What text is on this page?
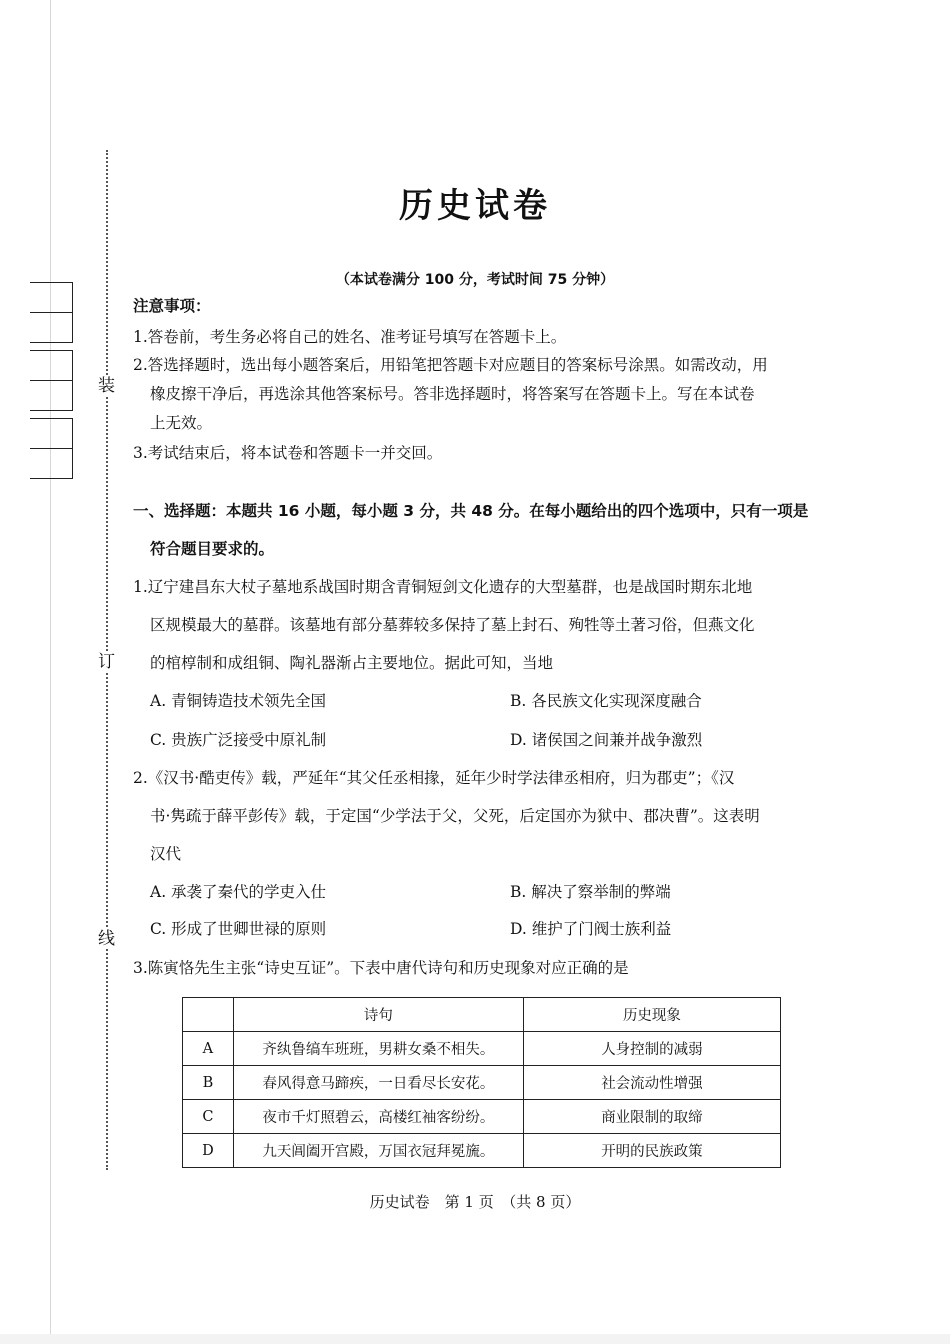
装
订
线
历史试卷
（本试卷满分 100 分，考试时间 75 分钟）
注意事项：
1.答卷前，考生务必将自己的姓名、准考证号填写在答题卡上。
2.答选择题时，选出每小题答案后，用铅笔把答题卡对应题目的答案标号涂黑。如需改动，用
橡皮擦干净后，再选涂其他答案标号。答非选择题时，将答案写在答题卡上。写在本试卷
上无效。
3.考试结束后，将本试卷和答题卡一并交回。
一、选择题：本题共 16 小题，每小题 3 分，共 48 分。在每小题给出的四个选项中，只有一项是
符合题目要求的。
1.辽宁建昌东大杖子墓地系战国时期含青铜短剑文化遗存的大型墓群，也是战国时期东北地
区规模最大的墓群。该墓地有部分墓葬较多保持了墓上封石、殉牲等土著习俗，但燕文化
的棺椁制和成组铜、陶礼器渐占主要地位。据此可知，当地
A. 青铜铸造技术领先全国	B. 各民族文化实现深度融合
C. 贵族广泛接受中原礼制	D. 诸侯国之间兼并战争激烈
2.《汉书·酷吏传》载，严延年“其父任丞相掾，延年少时学法律丞相府，归为郡吏”；《汉
书·隽疏于薛平彭传》载，于定国“少学法于父，父死，后定国亦为狱中、郡决曹”。这表明
汉代
A. 承袭了秦代的学吏入仕	B. 解决了察举制的弊端
C. 形成了世卿世禄的原则	D. 维护了门阀士族利益
3.陈寅恪先生主张“诗史互证”。下表中唐代诗句和历史现象对应正确的是
	诗句	历史现象
A	齐纨鲁缟车班班，男耕女桑不相失。	人身控制的减弱
B	春风得意马蹄疾，一日看尽长安花。	社会流动性增强
C	夜市千灯照碧云，高楼红袖客纷纷。	商业限制的取缔
D	九天阊阖开宫殿，万国衣冠拜冕旒。	开明的民族政策
历史试卷　第 1 页　（共 8 页）
